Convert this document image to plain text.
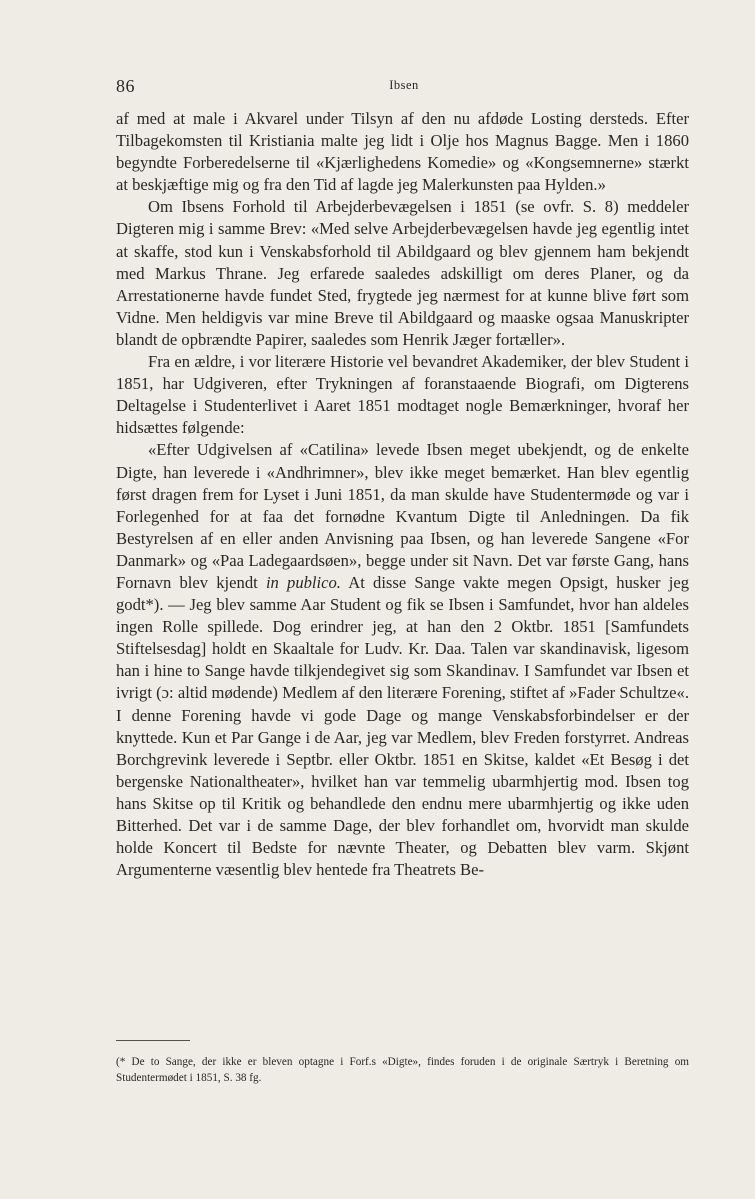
86	Ibsen

af med at male i Akvarel under Tilsyn af den nu afdøde Losting dersteds. Efter Tilbagekomsten til Kristiania malte jeg lidt i Olje hos Magnus Bagge. Men i 1860 begyndte Forberedelserne til «Kjærlighedens Komedie» og «Kongsemnerne» stærkt at beskjæftige mig og fra den Tid af lagde jeg Malerkunsten paa Hylden.»

Om Ibsens Forhold til Arbejderbevægelsen i 1851 (se ovfr. S. 8) meddeler Digteren mig i samme Brev: «Med selve Arbejderbevægelsen havde jeg egentlig intet at skaffe, stod kun i Venskabsforhold til Abildgaard og blev gjennem ham bekjendt med Markus Thrane. Jeg erfarede saaledes adskilligt om deres Planer, og da Arrestationerne havde fundet Sted, frygtede jeg nærmest for at kunne blive ført som Vidne. Men heldigvis var mine Breve til Abildgaard og maaske ogsaa Manuskripter blandt de opbrændte Papirer, saaledes som Henrik Jæger fortæller».

Fra en ældre, i vor literære Historie vel bevandret Akademiker, der blev Student i 1851, har Udgiveren, efter Trykningen af foranstaaende Biografi, om Digterens Deltagelse i Studenterlivet i Aaret 1851 modtaget nogle Bemærkninger, hvoraf her hidsættes følgende:

«Efter Udgivelsen af «Catilina» levede Ibsen meget ubekjendt, og de enkelte Digte, han leverede i «Andhrimner», blev ikke meget bemærket. Han blev egentlig først dragen frem for Lyset i Juni 1851, da man skulde have Studentermøde og var i Forlegenhed for at faa det fornødne Kvantum Digte til Anledningen. Da fik Bestyrelsen af en eller anden Anvisning paa Ibsen, og han leverede Sangene «For Danmark» og «Paa Ladegaardsøen», begge under sit Navn. Det var første Gang, hans Fornavn blev kjendt in publico. At disse Sange vakte megen Opsigt, husker jeg godt*). — Jeg blev samme Aar Student og fik se Ibsen i Samfundet, hvor han aldeles ingen Rolle spillede. Dog erindrer jeg, at han den 2 Oktbr. 1851 [Samfundets Stiftelsesdag] holdt en Skaaltale for Ludv. Kr. Daa. Talen var skandinavisk, ligesom han i hine to Sange havde tilkjendegivet sig som Skandinav. I Samfundet var Ibsen et ivrigt (ɔ: altid mødende) Medlem af den literære Forening, stiftet af »Fader Schultze«. I denne Forening havde vi gode Dage og mange Venskabsforbindelser er der knyttede. Kun et Par Gange i de Aar, jeg var Medlem, blev Freden forstyrret. Andreas Borchgrevink leverede i Septbr. eller Oktbr. 1851 en Skitse, kaldet «Et Besøg i det bergenske Nationaltheater», hvilket han var temmelig ubarmhjertig mod. Ibsen tog hans Skitse op til Kritik og behandlede den endnu mere ubarmhjertig og ikke uden Bitterhed. Det var i de samme Dage, der blev forhandlet om, hvorvidt man skulde holde Koncert til Bedste for nævnte Theater, og Debatten blev varm. Skjønt Argumenterne væsentlig blev hentede fra Theatrets Be-

(* De to Sange, der ikke er bleven optagne i Forf.s «Digte», findes foruden i de originale Særtryk i Beretning om Studentermødet i 1851, S. 38 fg.
